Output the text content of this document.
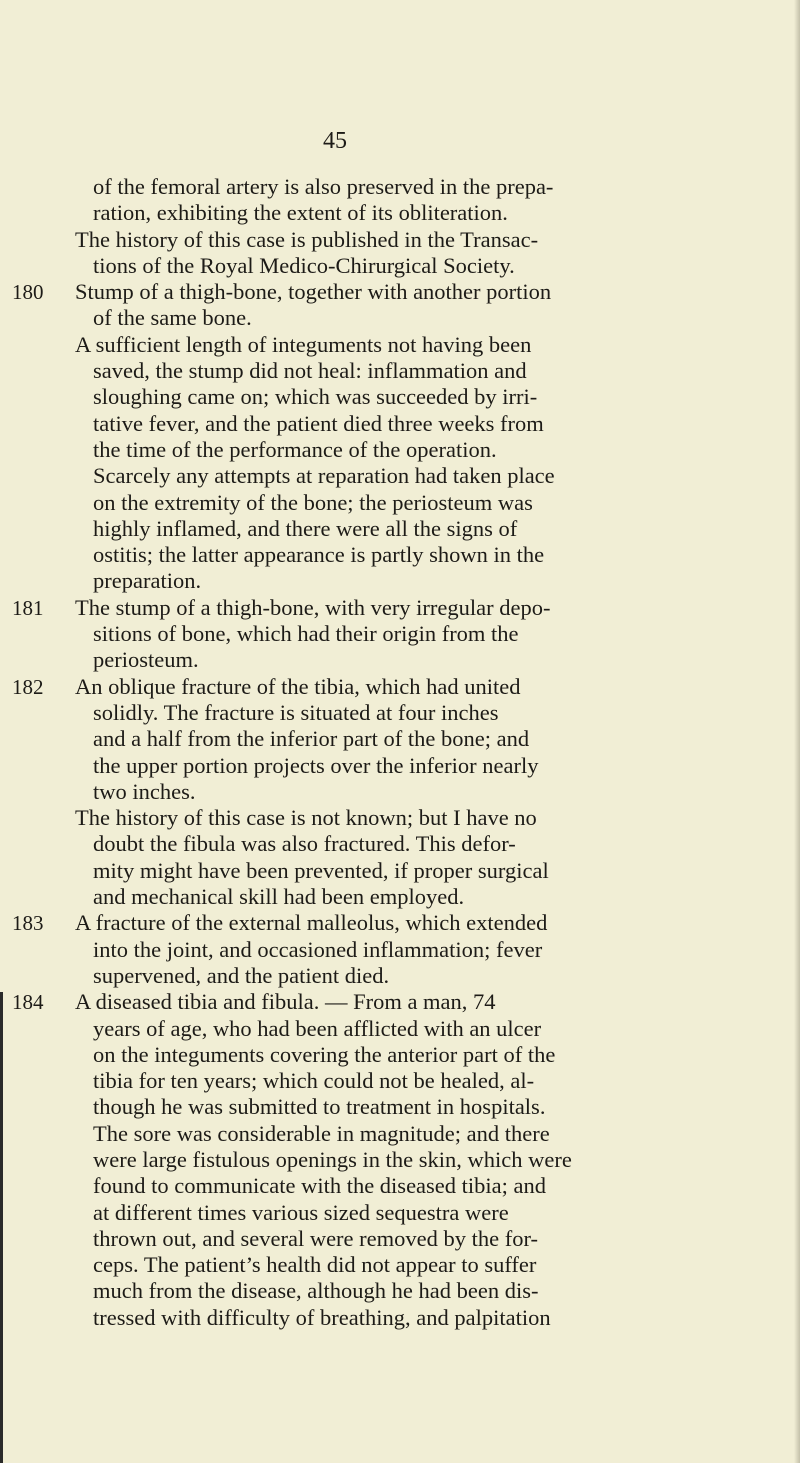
45
of the femoral artery is also preserved in the prepa-
ration, exhibiting the extent of its obliteration.
The history of this case is published in the Transac-
tions of the Royal Medico-Chirurgical Society.
180 Stump of a thigh-bone, together with another portion
of the same bone.
A sufficient length of integuments not having been
saved, the stump did not heal: inflammation and
sloughing came on; which was succeeded by irri-
tative fever, and the patient died three weeks from
the time of the performance of the operation.
Scarcely any attempts at reparation had taken place
on the extremity of the bone; the periosteum was
highly inflamed, and there were all the signs of
ostitis; the latter appearance is partly shown in the
preparation.
181 The stump of a thigh-bone, with very irregular depo-
sitions of bone, which had their origin from the
periosteum.
182 An oblique fracture of the tibia, which had united
solidly. The fracture is situated at four inches
and a half from the inferior part of the bone; and
the upper portion projects over the inferior nearly
two inches.
The history of this case is not known; but I have no
doubt the fibula was also fractured. This defor-
mity might have been prevented, if proper surgical
and mechanical skill had been employed.
183 A fracture of the external malleolus, which extended
into the joint, and occasioned inflammation; fever
supervened, and the patient died.
184 A diseased tibia and fibula. — From a man, 74
years of age, who had been afflicted with an ulcer
on the integuments covering the anterior part of the
tibia for ten years; which could not be healed, al-
though he was submitted to treatment in hospitals.
The sore was considerable in magnitude; and there
were large fistulous openings in the skin, which were
found to communicate with the diseased tibia; and
at different times various sized sequestra were
thrown out, and several were removed by the for-
ceps. The patient’s health did not appear to suffer
much from the disease, although he had been dis-
tressed with difficulty of breathing, and palpitation
